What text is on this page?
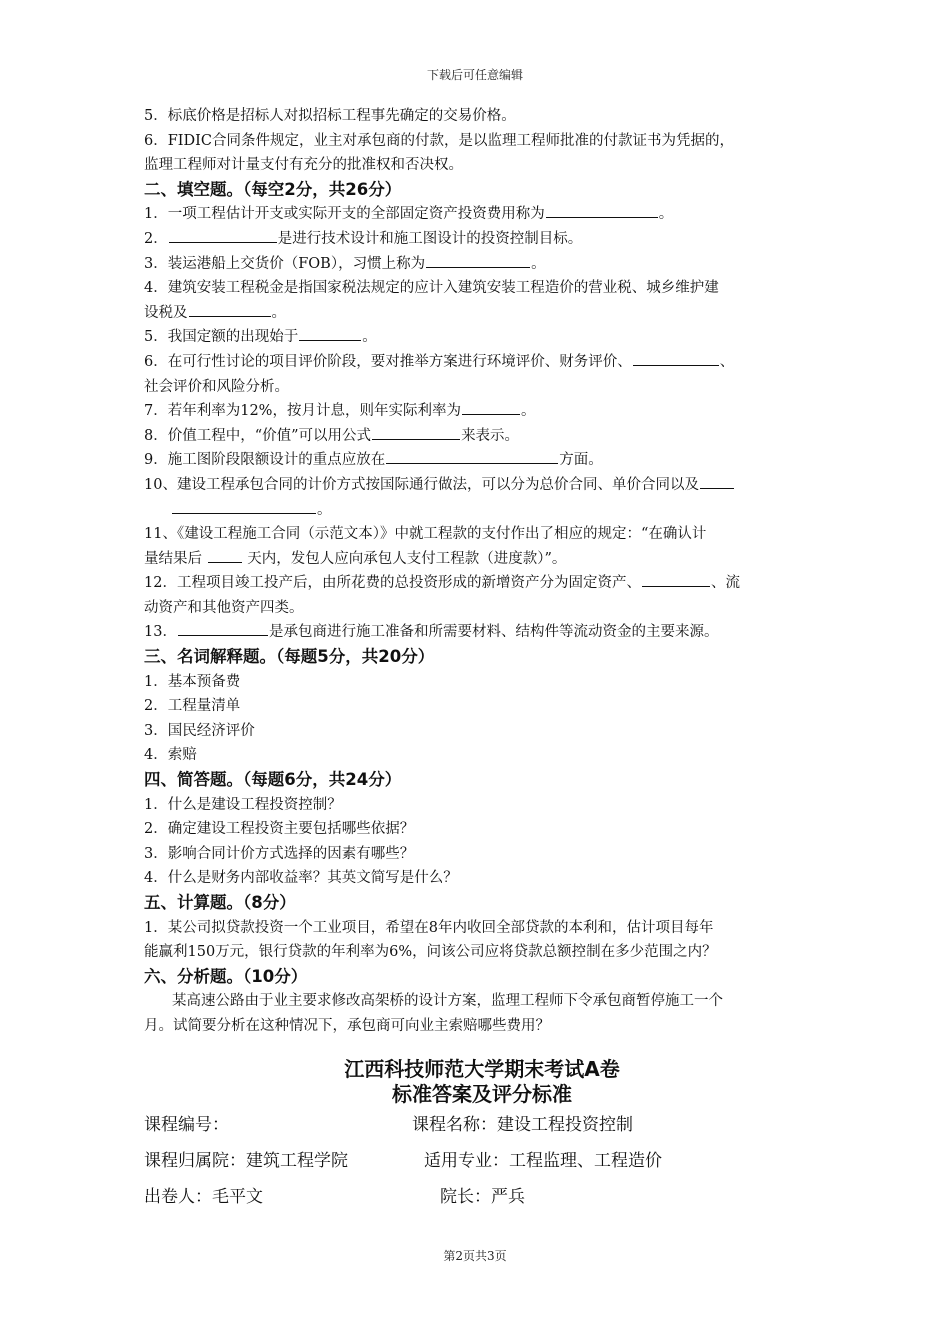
下载后可任意编辑
5．标底价格是招标人对拟招标工程事先确定的交易价格。
6．FIDIC合同条件规定，业主对承包商的付款，是以监理工程师批准的付款证书为凭据的，
监理工程师对计量支付有充分的批准权和否决权。
二、填空题。（每空2分，共26分）
1．一项工程估计开支或实际开支的全部固定资产投资费用称为	。
2．	是进行技术设计和施工图设计的投资控制目标。
3．装运港船上交货价（FOB），习惯上称为	。
4．建筑安装工程税金是指国家税法规定的应计入建筑安装工程造价的营业税、城乡维护建
设税及	。
5．我国定额的出现始于	。
6．在可行性讨论的项目评价阶段，要对推举方案进行环境评价、财务评价、	、
社会评价和风险分析。
7．若年利率为12%，按月计息，则年实际利率为	。
8．价值工程中，“价值”可以用公式	来表示。
9．施工图阶段限额设计的重点应放在	方面。
10、建设工程承包合同的计价方式按国际通行做法，可以分为总价合同、单价合同以及
。
11、《建设工程施工合同（示范文本）》中就工程款的支付作出了相应的规定：“在确认计
量结果后  天内，发包人应向承包人支付工程款（进度款）”。
12．工程项目竣工投产后，由所花费的总投资形成的新增资产分为固定资产、	、流
动资产和其他资产四类。
13．	是承包商进行施工准备和所需要材料、结构件等流动资金的主要来源。
三、名词解释题。（每题5分，共20分）
1．基本预备费
2．工程量清单
3．国民经济评价
4．索赔
四、简答题。（每题6分，共24分）
1．什么是建设工程投资控制？
2．确定建设工程投资主要包括哪些依据？
3．影响合同计价方式选择的因素有哪些？
4．什么是财务内部收益率？其英文简写是什么？
五、计算题。（8分）
1．某公司拟贷款投资一个工业项目，希望在8年内收回全部贷款的本利和，估计项目每年
能赢利150万元，银行贷款的年利率为6%，问该公司应将贷款总额控制在多少范围之内？
六、分析题。（10分）
某高速公路由于业主要求修改高架桥的设计方案，监理工程师下令承包商暂停施工一个
月。试简要分析在这种情况下，承包商可向业主索赔哪些费用？
江西科技师范大学期末考试A卷
标准答案及评分标准
课程编号：	课程名称：建设工程投资控制
课程归属院：建筑工程学院	适用专业：工程监理、工程造价
出卷人：毛平文	院长：严兵
第2页共3页
